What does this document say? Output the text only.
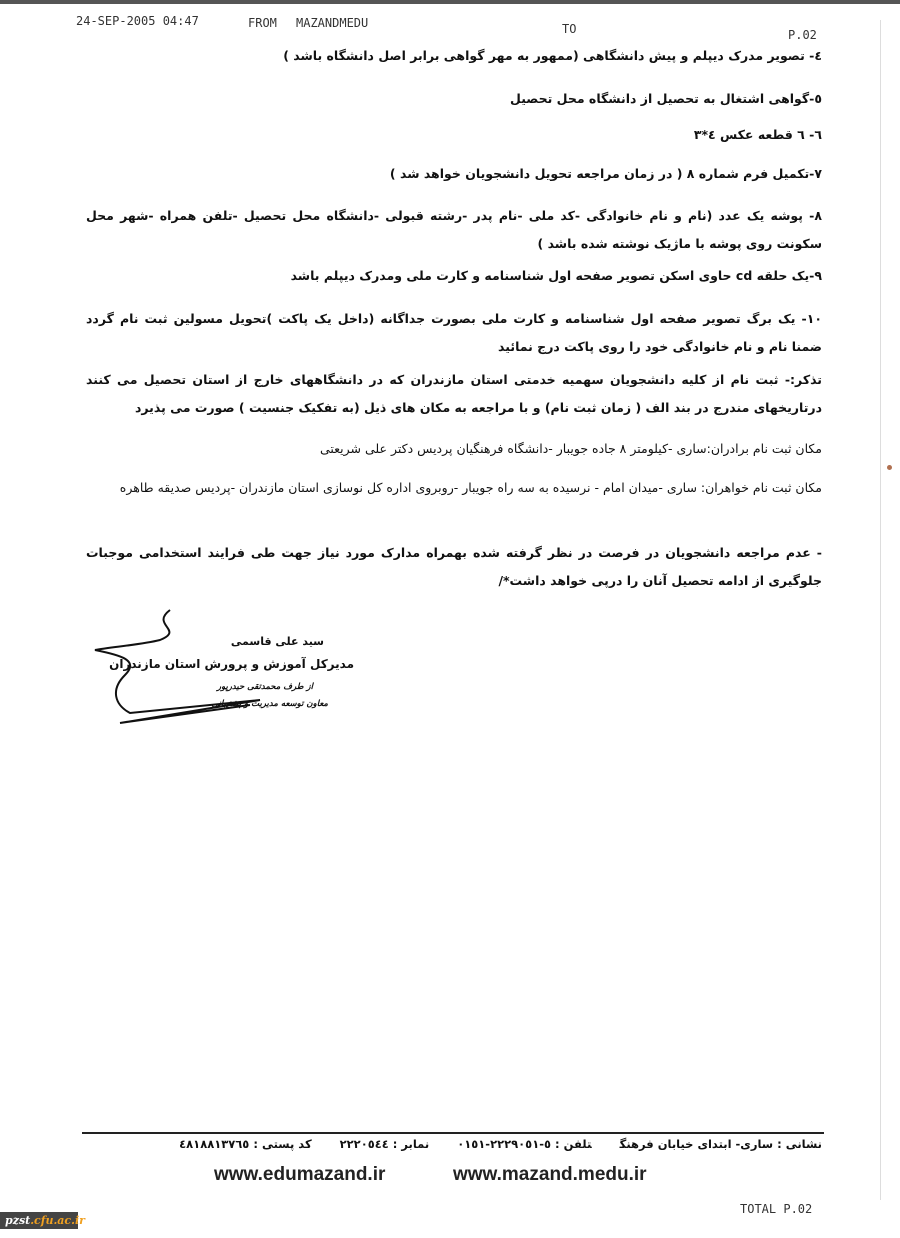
24-SEP-2005 04:47	FROM MAZANDMEDU	TO	P.02
٤- تصویر مدرک دیپلم و پیش دانشگاهی (ممهور به مهر گواهی برابر اصل دانشگاه باشد )
٥-گواهی اشتغال به تحصیل از دانشگاه محل تحصیل
٦- ٦ قطعه عکس ٤*٣
٧-تکمیل فرم شماره ٨ ( در زمان مراجعه تحویل دانشجویان خواهد شد )
٨- پوشه یک عدد (نام و نام خانوادگی -کد ملی -نام پدر -رشته قبولی -دانشگاه محل تحصیل -تلفن همراه -شهر محل سکونت روی پوشه با ماژیک نوشته شده باشد )
٩-یک حلقه cd حاوی اسکن تصویر صفحه اول شناسنامه و کارت ملی ومدرک دیپلم باشد
١٠- یک برگ تصویر صفحه اول شناسنامه و کارت ملی بصورت جداگانه (داخل یک پاکت )تحویل مسولین ثبت نام گردد ضمنا نام و نام خانوادگی خود را روی پاکت درج نمائید
تذکر:- ثبت نام از کلیه دانشجویان سهمیه خدمتی استان مازندران که در دانشگاههای خارج از استان تحصیل می کنند درتاریخهای مندرج در بند الف ( زمان ثبت نام) و با مراجعه به مکان های ذیل (به تفکیک جنسیت ) صورت می پذیرد
مکان ثبت نام برادران:ساری -کیلومتر ٨ جاده جویبار -دانشگاه فرهنگیان پردیس دکتر علی شریعتی
مکان ثبت نام خواهران: ساری -میدان امام - نرسیده به سه راه جویبار -روبروی اداره کل نوسازی استان مازندران -پردیس صدیقه طاهره
- عدم مراجعه دانشجویان در فرصت در نظر گرفته شده بهمراه مدارک مورد نیاز جهت طی فرایند استخدامی موجبات جلوگیری از ادامه تحصیل آنان را درپی خواهد داشت*/
سید علی قاسمی
مدیرکل آموزش و پرورش استان مازندران
از طرف محمدتقی حیدرپور
معاون توسعه مدیریت و پشتیبانی
نشانی : ساری- ابتدای خیابان فرهنگتلفن : ٥-٢٢٢٩٠٥١-٠١٥١نمابر : ٢٢٢٠٥٤٤کد پستی : ٤٨١٨٨١٣٧٦٥
www.edumazand.ir	www.mazand.medu.ir
TOTAL P.02
pzst.cfu.ac.ir
